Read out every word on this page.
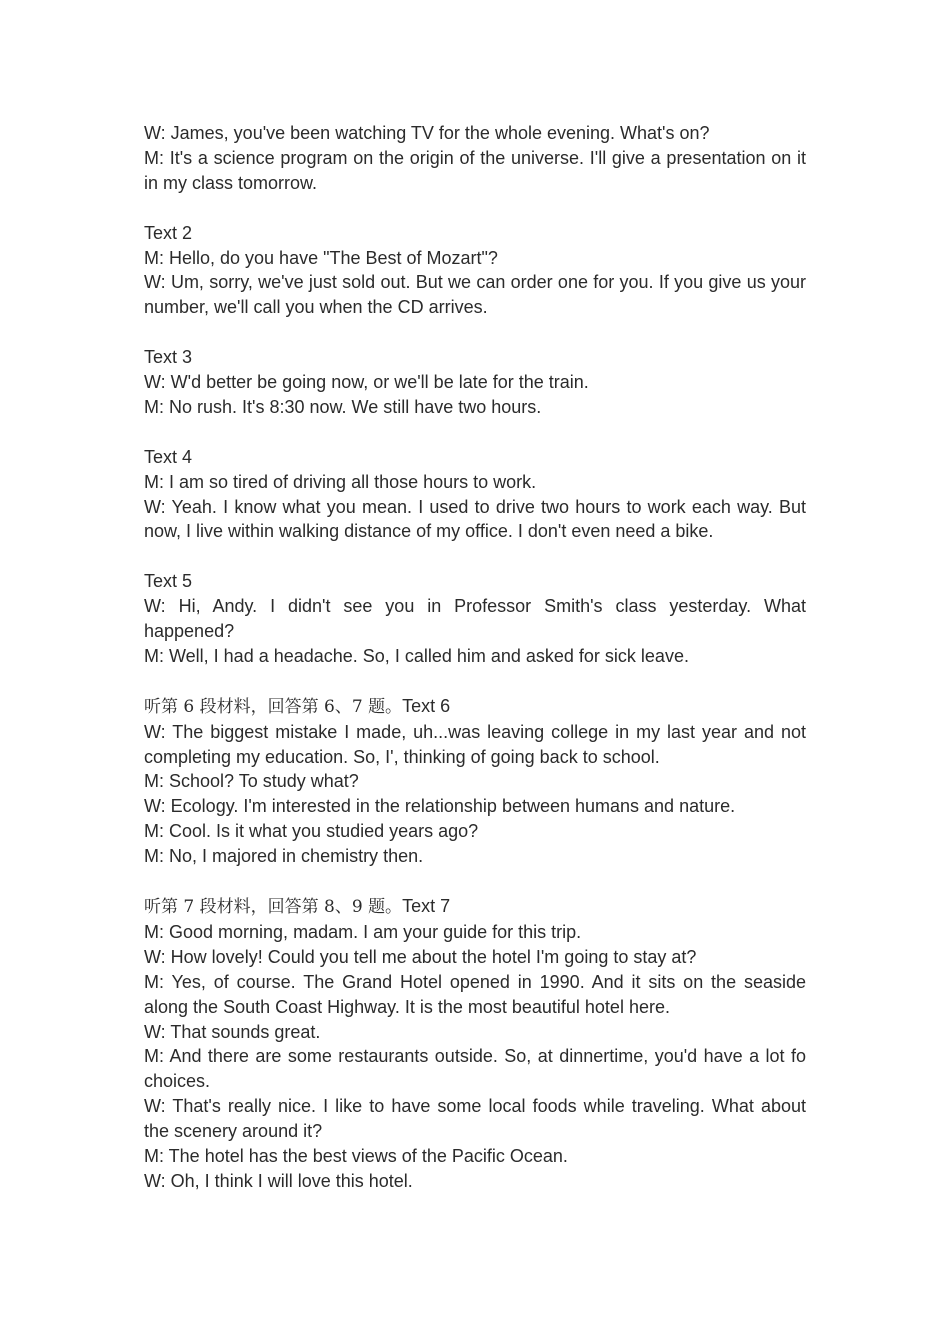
W: James, you've been watching TV for the whole evening. What's on?
M: It's a science program on the origin of the universe. I'll give a presentation on it in my class tomorrow.
Text 2
M: Hello, do you have "The Best of Mozart"?
W: Um, sorry, we've just sold out. But we can order one for you. If you give us your number, we'll call you when the CD arrives.
Text 3
W: W'd better be going now, or we'll be late for the train.
M: No rush. It's 8:30 now. We still have two hours.
Text 4
M: I am so tired of driving all those hours to work.
W: Yeah. I know what you mean. I used to drive two hours to work each way. But now, I live within walking distance of my office. I don't even need a bike.
Text 5
W: Hi, Andy. I didn't see you in Professor Smith's class yesterday. What happened?
M: Well, I had a headache. So, I called him and asked for sick leave.
听第 6 段材料，回答第 6、7 题。Text 6
W: The biggest mistake I made, uh...was leaving college in my last year and not completing my education. So, I', thinking of going back to school.
M: School? To study what?
W: Ecology. I'm interested in the relationship between humans and nature.
M: Cool. Is it what you studied years ago?
M: No, I majored in chemistry then.
听第 7 段材料，回答第 8、9 题。Text 7
M: Good morning, madam. I am your guide for this trip.
W: How lovely! Could you tell me about the hotel I'm going to stay at?
M: Yes, of course. The Grand Hotel opened in 1990. And it sits on the seaside along the South Coast Highway. It is the most beautiful hotel here.
W: That sounds great.
M: And there are some restaurants outside. So, at dinnertime, you'd have a lot fo choices.
W: That's really nice. I like to have some local foods while traveling. What about the scenery around it?
M: The hotel has the best views of the Pacific Ocean.
W: Oh, I think I will love this hotel.
